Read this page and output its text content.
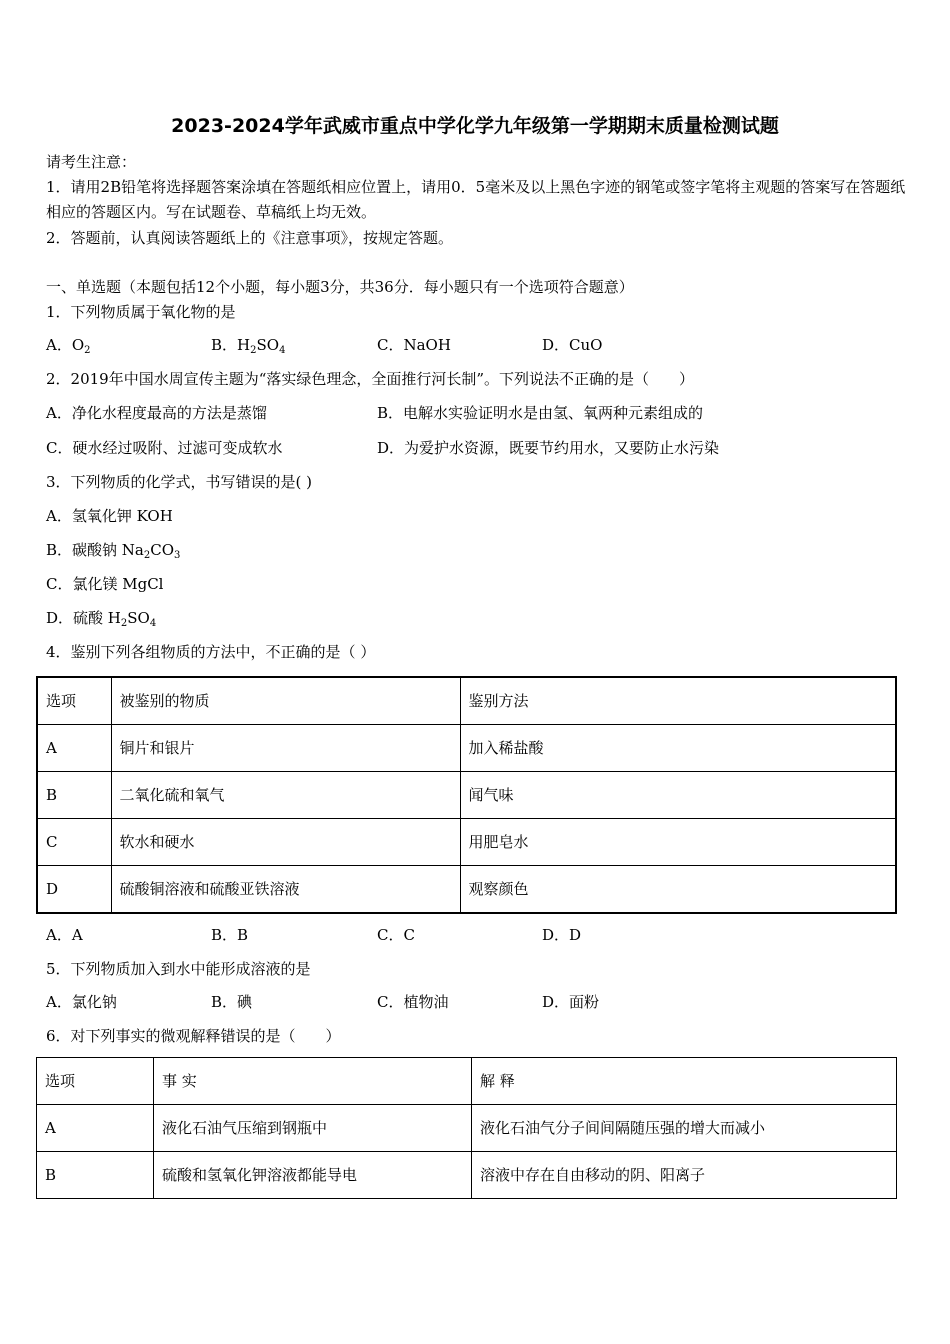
2023-2024学年武威市重点中学化学九年级第一学期期末质量检测试题
请考生注意：
1．请用2B铅笔将选择题答案涂填在答题纸相应位置上，请用0．5毫米及以上黑色字迹的钢笔或签字笔将主观题的答案写在答题纸相应的答题区内。写在试题卷、草稿纸上均无效。
2．答题前，认真阅读答题纸上的《注意事项》，按规定答题。
一、单选题（本题包括12个小题，每小题3分，共36分．每小题只有一个选项符合题意）
1．下列物质属于氧化物的是
A．$O_2$	B．$H_2SO_4$	C．NaOH	D．CuO
2．2019年中国水周宣传主题为“落实绿色理念，全面推行河长制”。下列说法不正确的是（　　）
A．净化水程度最高的方法是蒸馏	B．电解水实验证明水是由氢、氧两种元素组成的
C．硬水经过吸附、过滤可变成软水	D．为爱护水资源，既要节约用水，又要防止水污染
3．下列物质的化学式，书写错误的是( )
A．氢氧化钾 KOH
B．碳酸钠 $Na_2CO_3$
C．氯化镁 MgCl
D．硫酸 $H_2SO_4$
4．鉴别下列各组物质的方法中，不正确的是（ ）
选项	被鉴别的物质	鉴别方法
A	铜片和银片	加入稀盐酸
B	二氧化硫和氧气	闻气味
C	软水和硬水	用肥皂水
D	硫酸铜溶液和硫酸亚铁溶液	观察颜色
A．A	B．B	C．C	D．D
5．下列物质加入到水中能形成溶液的是
A．氯化钠	B．碘	C．植物油	D．面粉
6．对下列事实的微观解释错误的是（　　）
选项	事 实	解 释
A	液化石油气压缩到钢瓶中	液化石油气分子间间隔随压强的增大而减小
B	硫酸和氢氧化钾溶液都能导电	溶液中存在自由移动的阴、阳离子
